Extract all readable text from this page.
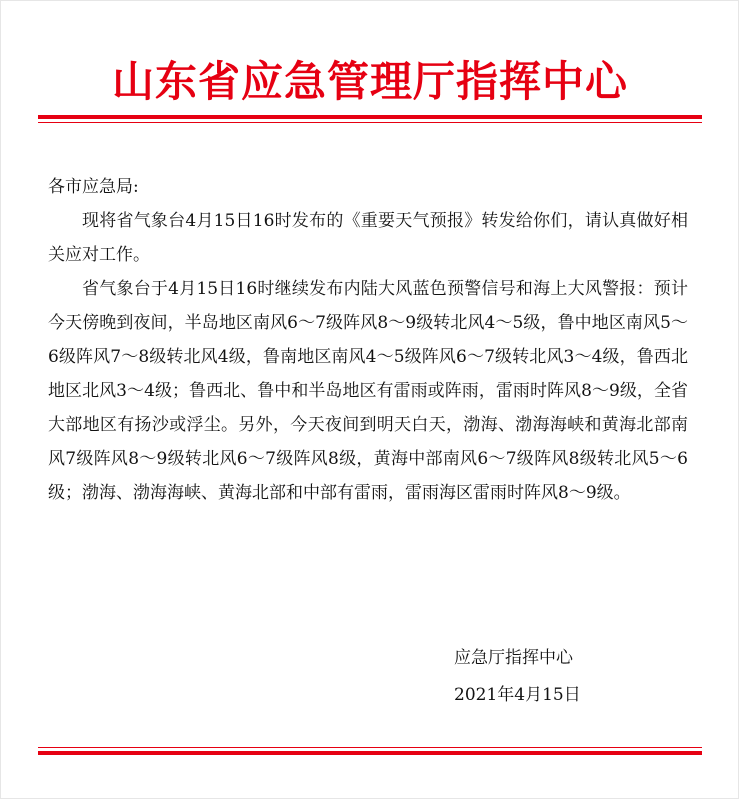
山东省应急管理厅指挥中心

各市应急局:

现将省气象台4月15日16时发布的《重要天气预报》转发给你们，请认真做好相关应对工作。

省气象台于4月15日16时继续发布内陆大风蓝色预警信号和海上大风警报：预计今天傍晚到夜间，半岛地区南风6～7级阵风8～9级转北风4～5级，鲁中地区南风5～6级阵风7～8级转北风4级，鲁南地区南风4～5级阵风6～7级转北风3～4级，鲁西北地区北风3～4级；鲁西北、鲁中和半岛地区有雷雨或阵雨，雷雨时阵风8～9级，全省大部地区有扬沙或浮尘。另外，今天夜间到明天白天，渤海、渤海海峡和黄海北部南风7级阵风8～9级转北风6～7级阵风8级，黄海中部南风6～7级阵风8级转北风5～6级；渤海、渤海海峡、黄海北部和中部有雷雨，雷雨海区雷雨时阵风8～9级。

应急厅指挥中心
2021年4月15日
